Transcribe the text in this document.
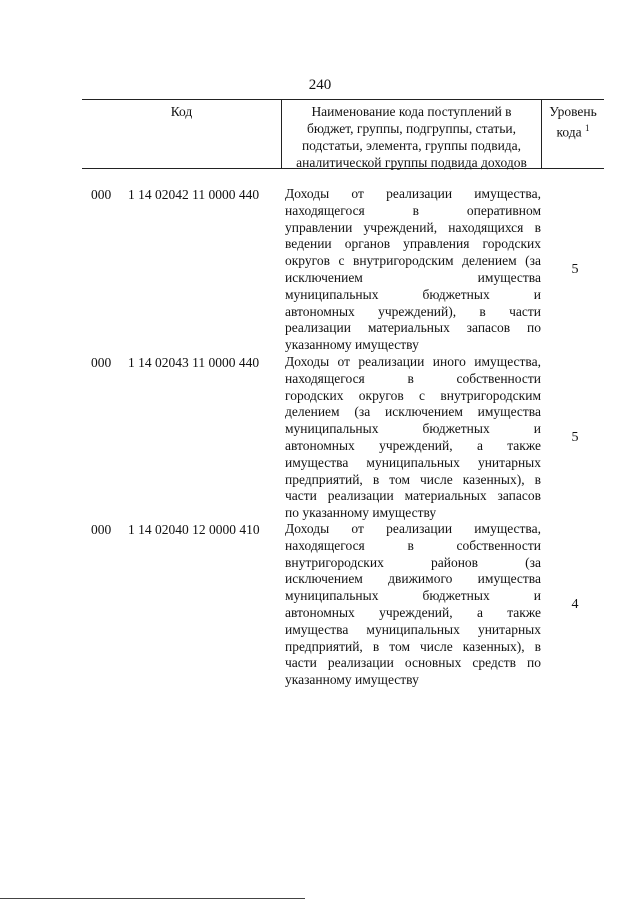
240
Код	Наименование кода поступлений в
бюджет, группы, подгруппы, статьи,
подстатьи, элемента, группы подвида,
аналитической группы подвида доходов
Уровень
кода $^1$
000 1 14 02042 11 0000 440 Доходы от реализации имущества,
находящегося в оперативном
управлении учреждений, находящихся в
ведении органов управления городских
округов с внутригородским делением (за
исключением имущества
муниципальных бюджетных и
автономных учреждений), в части
реализации материальных запасов по
указанному имуществу
5
000 1 14 02043 11 0000 440 Доходы от реализации иного имущества,
находящегося в собственности
городских округов с внутригородским
делением (за исключением имущества
муниципальных бюджетных и
автономных учреждений, а также
имущества муниципальных унитарных
предприятий, в том числе казенных), в
части реализации материальных запасов
по указанному имуществу
5
000 1 14 02040 12 0000 410 Доходы от реализации имущества,
находящегося в собственности
внутригородских районов (за
исключением движимого имущества
муниципальных бюджетных и
автономных учреждений, а также
имущества муниципальных унитарных
предприятий, в том числе казенных), в
части реализации основных средств по
указанному имуществу
4
